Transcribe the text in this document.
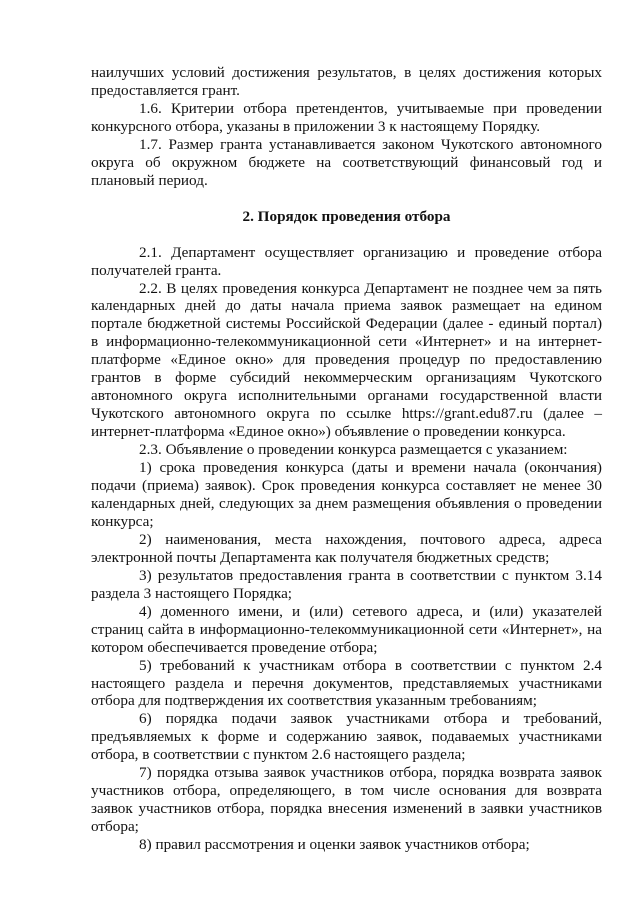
наилучших условий достижения результатов, в целях достижения которых предоставляется грант.

1.6. Критерии отбора претендентов, учитываемые при проведении конкурсного отбора, указаны в приложении 3 к настоящему Порядку.

1.7. Размер гранта устанавливается законом Чукотского автономного округа об окружном бюджете на соответствующий финансовый год и плановый период.

2. Порядок проведения отбора

2.1. Департамент осуществляет организацию и проведение отбора получателей гранта.

2.2. В целях проведения конкурса Департамент не позднее чем за пять календарных дней до даты начала приема заявок размещает на едином портале бюджетной системы Российской Федерации (далее - единый портал) в информационно-телекоммуникационной сети «Интернет» и на интернет-платформе «Единое окно» для проведения процедур по предоставлению грантов в форме субсидий некоммерческим организациям Чукотского автономного округа исполнительными органами государственной власти Чукотского автономного округа по ссылке https://grant.edu87.ru (далее – интернет-платформа «Единое окно») объявление о проведении конкурса.

2.3. Объявление о проведении конкурса размещается с указанием:

1) срока проведения конкурса (даты и времени начала (окончания) подачи (приема) заявок). Срок проведения конкурса составляет не менее 30 календарных дней, следующих за днем размещения объявления о проведении конкурса;

2) наименования, места нахождения, почтового адреса, адреса электронной почты Департамента как получателя бюджетных средств;

3) результатов предоставления гранта в соответствии с пунктом 3.14 раздела 3 настоящего Порядка;

4) доменного имени, и (или) сетевого адреса, и (или) указателей страниц сайта в информационно-телекоммуникационной сети «Интернет», на котором обеспечивается проведение отбора;

5) требований к участникам отбора в соответствии с пунктом 2.4 настоящего раздела и перечня документов, представляемых участниками отбора для подтверждения их соответствия указанным требованиям;

6) порядка подачи заявок участниками отбора и требований, предъявляемых к форме и содержанию заявок, подаваемых участниками отбора, в соответствии с пунктом 2.6 настоящего раздела;

7) порядка отзыва заявок участников отбора, порядка возврата заявок участников отбора, определяющего, в том числе основания для возврата заявок участников отбора, порядка внесения изменений в заявки участников отбора;

8) правил рассмотрения и оценки заявок участников отбора;
